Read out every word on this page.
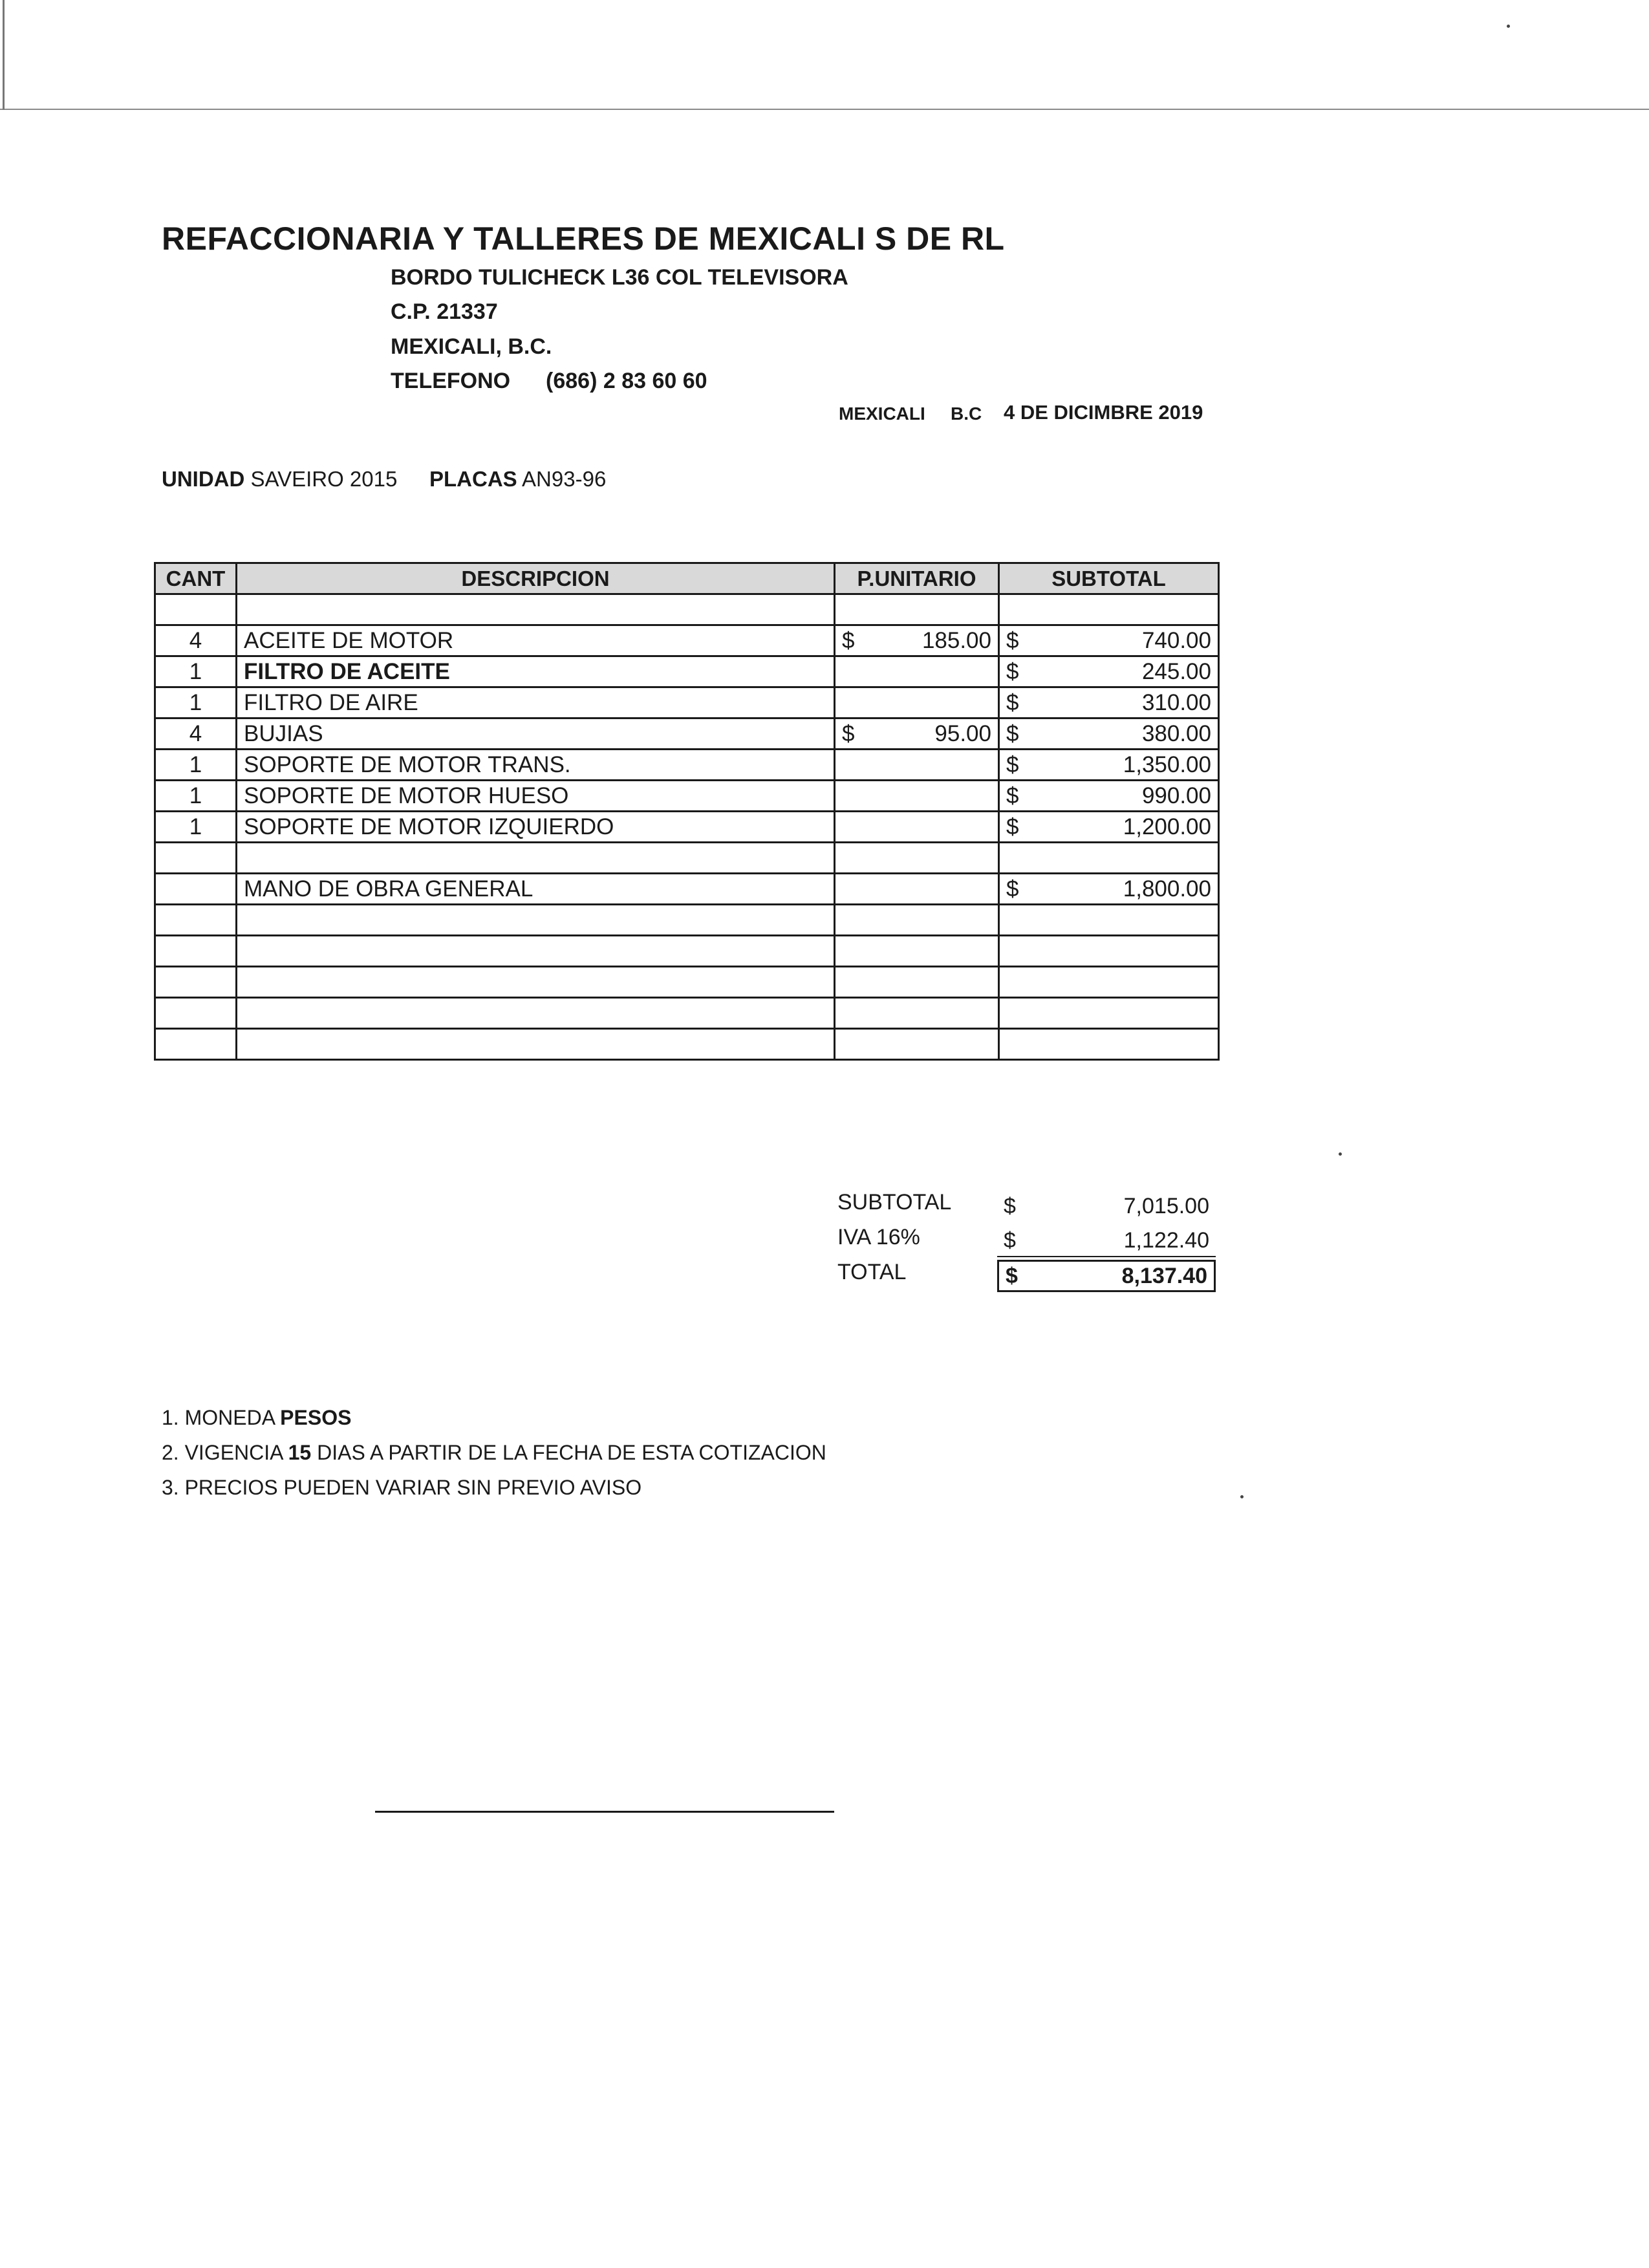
REFACCIONARIA Y TALLERES DE MEXICALI S DE RL
BORDO TULICHECK L36 COL TELEVISORA
C.P. 21337
MEXICALI, B.C.
TELEFONO (686) 2 83 60 60
MEXICALI B.C 4 DE DICIMBRE 2019
UNIDAD SAVEIRO 2015 PLACAS AN93-96
CANT	DESCRIPCION	P.UNITARIO	SUBTOTAL

4	ACEITE DE MOTOR	$ 185.00	$ 740.00

1	FILTRO DE ACEITE		$ 245.00

1	FILTRO DE AIRE		$ 310.00

4	BUJIAS	$ 95.00	$ 380.00

1	SOPORTE DE MOTOR TRANS.		$ 1,350.00

1	SOPORTE DE MOTOR HUESO		$ 990.00

1	SOPORTE DE MOTOR IZQUIERDO		$ 1,200.00

	MANO DE OBRA GENERAL		$ 1,800.00

SUBTOTAL $	7,015.00
IVA 16%	$	1,122.40
TOTAL	$	8,137.40
1. MONEDA PESOS
2. VIGENCIA 15 DIAS A PARTIR DE LA FECHA DE ESTA COTIZACION
3. PRECIOS PUEDEN VARIAR SIN PREVIO AVISO
